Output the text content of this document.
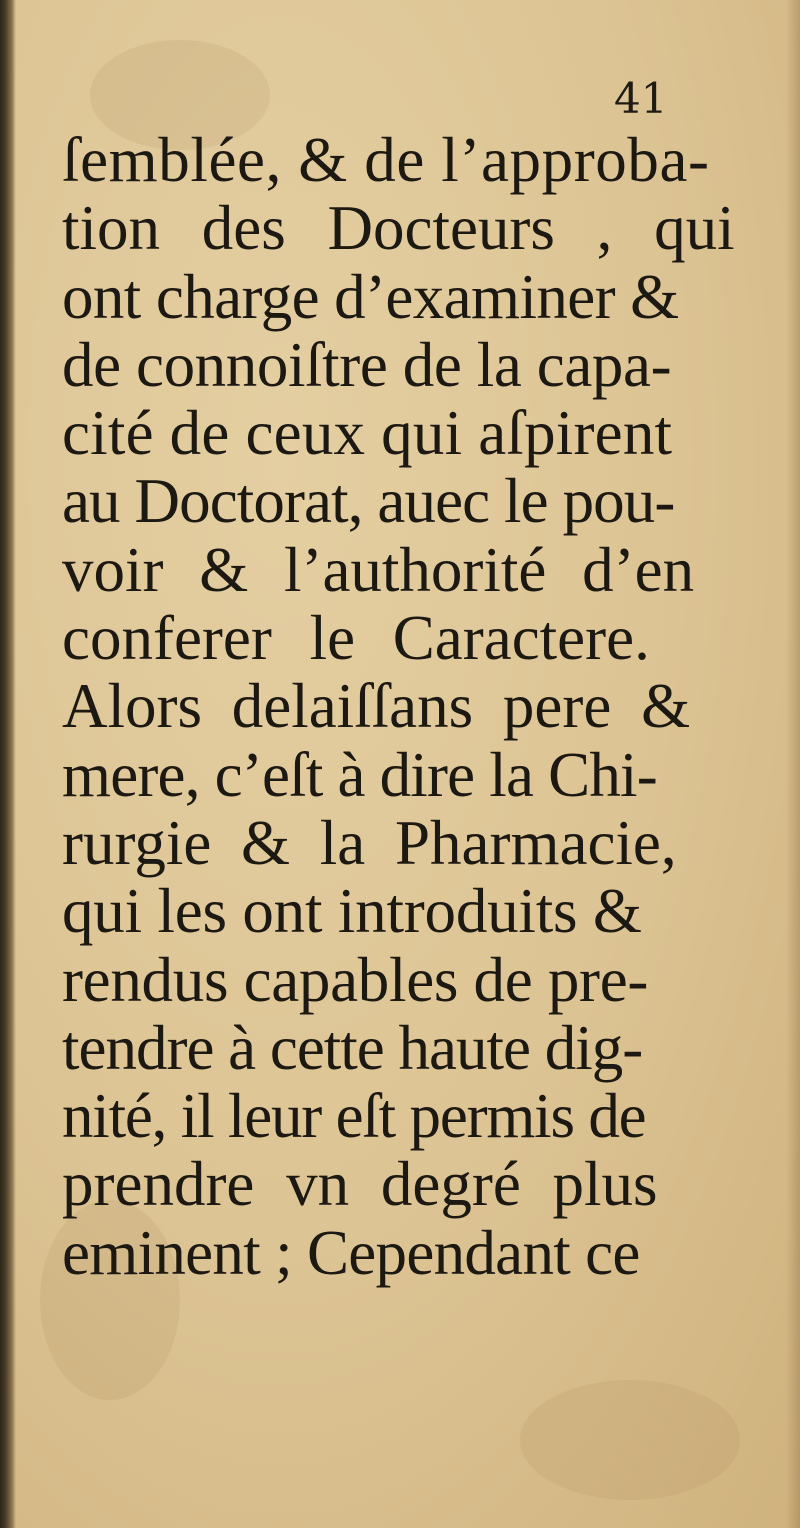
41
ſemblée, & de l’approba-
tion des Docteurs , qui
ont charge d’examiner &
de connoiſtre de la capa-
cité de ceux qui aſpirent
au Doctorat, auec le pou-
voir & l’authorité d’en
conferer le Caractere.
Alors delaiſſans pere &
mere, c’eſt à dire la Chi-
rurgie & la Pharmacie,
qui les ont introduits &
rendus capables de pre-
tendre à cette haute dig-
nité, il leur eſt permis de
prendre vn degré plus
eminent ; Cependant ce
